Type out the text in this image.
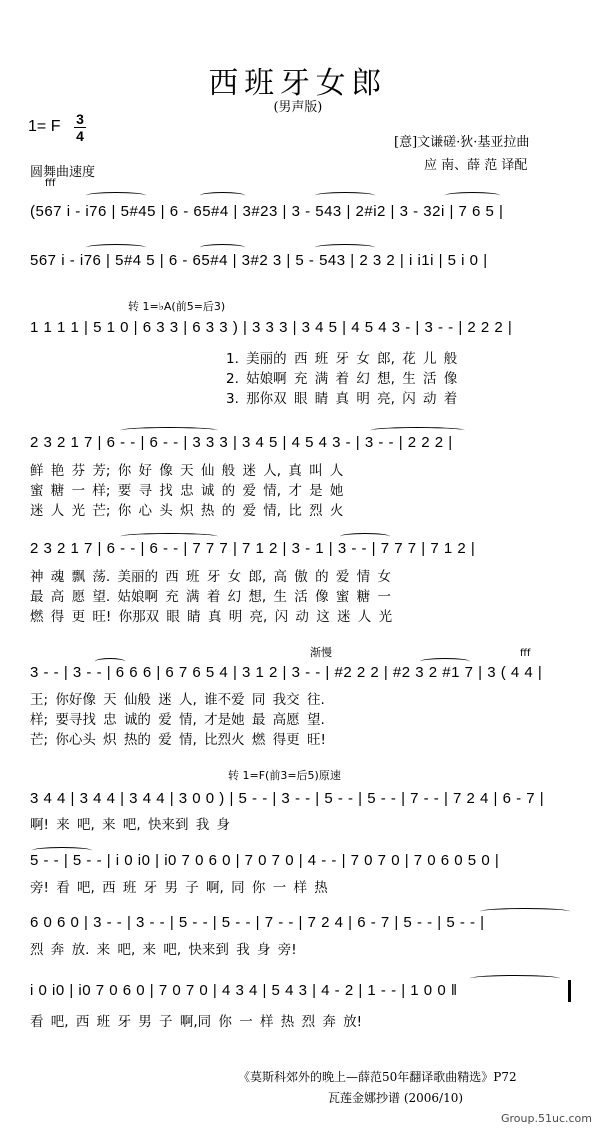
西班牙女郎
(男声版)
1= F 3
4	[意]文谦磋·狄·基亚拉曲
应 南、薛 范 译配
圆舞曲速度
fff
(567 i - i76 | 5#45 | 6 - 65#4 | 3#23 | 3 - 543 | 2#i2 | 3 - 32i | 7 6 5 |
567 i - i76 | 5#4 5 | 6 - 65#4 | 3#2 3 | 5 - 543 | 2 3 2 | i i1i | 5 i 0 |
转 1=♭A(前5=后3)
1 1 1 1 | 5 1 0 | 6 3 3 | 6 3 3 ) | 3 3 3 | 3 4 5 | 4 5 4 3 - | 3 - - | 2 2 2 |
1. 美丽的 西 班 牙 女 郎, 花 儿 般
2. 姑娘啊 充 满 着 幻 想, 生 活 像
3. 那你双 眼 睛 真 明 亮, 闪 动 着
2 3 2 1 7 | 6 - - | 6 - - | 3 3 3 | 3 4 5 | 4 5 4 3 - | 3 - - | 2 2 2 |
鲜 艳 芬 芳; 你 好 像 天 仙 般 迷 人, 真 叫 人
蜜 糖 一 样; 要 寻 找 忠 诚 的 爱 情, 才 是 她
迷 人 光 芒; 你 心 头 炽 热 的 爱 情, 比 烈 火
2 3 2 1 7 | 6 - - | 6 - - | 7 7 7 | 7 1 2 | 3 - 1 | 3 - - | 7 7 7 | 7 1 2 |
神 魂 飘 荡. 美丽的 西 班 牙 女 郎, 高 傲 的 爱 情 女
最 高 愿 望. 姑娘啊 充 满 着 幻 想, 生 活 像 蜜 糖 一
燃 得 更 旺! 你那双 眼 睛 真 明 亮, 闪 动 这 迷 人 光
渐慢	fff
3 - - | 3 - - | 6 6 6 | 6 7 6 5 4 | 3 1 2 | 3 - - | #2 2 2 | #2 3 2 #1 7 | 3 ( 4 4 |
王; 你好像 天 仙般 迷 人, 谁不爱 同 我交 往.
样; 要寻找 忠 诚的 爱 情, 才是她 最 高愿 望.
芒; 你心头 炽 热的 爱 情, 比烈火 燃 得更 旺!
转 1=F(前3=后5)原速
3 4 4 | 3 4 4 | 3 4 4 | 3 0 0 ) | 5 - - | 3 - - | 5 - - | 5 - - | 7 - - | 7 2 4 | 6 - 7 |
啊! 来 吧, 来 吧, 快来到 我 身
5 - - | 5 - - | i 0 i0 | i0 7 0 6 0 | 7 0 7 0 | 4 - - | 7 0 7 0 | 7 0 6 0 5 0 |
旁! 看 吧, 西 班 牙 男 子 啊, 同 你 一 样 热
6 0 6 0 | 3 - - | 3 - - | 5 - - | 5 - - | 7 - - | 7 2 4 | 6 - 7 | 5 - - | 5 - - |
烈 奔 放. 来 吧, 来 吧, 快来到 我 身 旁!
i 0 i0 | i0 7 0 6 0 | 7 0 7 0 | 4 3 4 | 5 4 3 | 4 - 2 | 1 - - | 1 0 0 ‖
看 吧, 西 班 牙 男 子 啊,同 你 一 样 热 烈 奔 放!
《莫斯科郊外的晚上—薛范50年翻译歌曲精选》P72
瓦莲金娜抄谱 (2006/10)
Group.51uc.com
